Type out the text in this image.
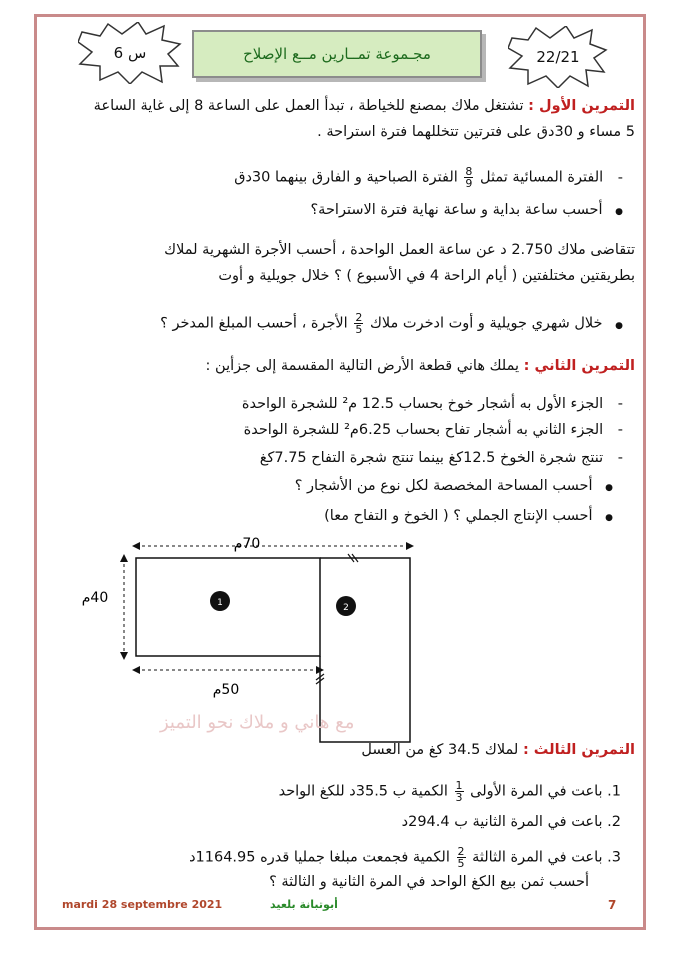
س 6	مجـموعة تمــارين مــع الإصلاح	22/21
التمرين الأول : تشتغل ملاك بمصنع للخياطة ، تبدأ العمل على الساعة 8 إلى غاية الساعة
5 مساء و 30دق على فترتين تتخللهما فترة استراحة .
- الفترة المسائية تمثل
$\frac{8}{9}$
الفترة الصباحية و الفارق بينهما 30دق
● أحسب ساعة بداية و ساعة نهاية فترة الاستراحة؟
تتقاضى ملاك 2.750 د عن ساعة العمل الواحدة ، أحسب الأجرة الشهرية لملاك
بطريقتين مختلفتين ( أيام الراحة 4 في الأسبوع ) ؟ خلال جويلية و أوت
● خلال شهري جويلية و أوت ادخرت ملاك
$\frac{2}{5}$
الأجرة ، أحسب المبلغ المدخر ؟
التمرين الثاني : يملك هاني قطعة الأرض التالية المقسمة إلى جزأين :
- الجزء الأول به أشجار خوخ بحساب 12.5 م² للشجرة الواحدة
- الجزء الثاني به أشجار تفاح بحساب 6.25م² للشجرة الواحدة
- تنتج شجرة الخوخ 12.5كغ بينما تنتج شجرة التفاح 7.75كغ
● أحسب المساحة المخصصة لكل نوع من الأشجار ؟
● أحسب الإنتاج الجملي ؟ ( الخوخ و التفاح معا)
1	2
70م
40م
50م
مع هاني و ملاك نحو التميز
التمرين الثالث : لملاك 34.5 كغ من العسل
1. باعت في المرة الأولى
$\frac{1}{3}$
الكمية ب 35.5د للكغ الواحد
2. باعت في المرة الثانية ب 294.4د
3. باعت في المرة الثالثة
$\frac{2}{5}$
الكمية فجمعت مبلغا جمليا قدره 1164.95د
أحسب ثمن بيع الكغ الواحد في المرة الثانية و الثالثة ؟
mardi 28 septembre 2021	أبوتبانة بلعيد	7
